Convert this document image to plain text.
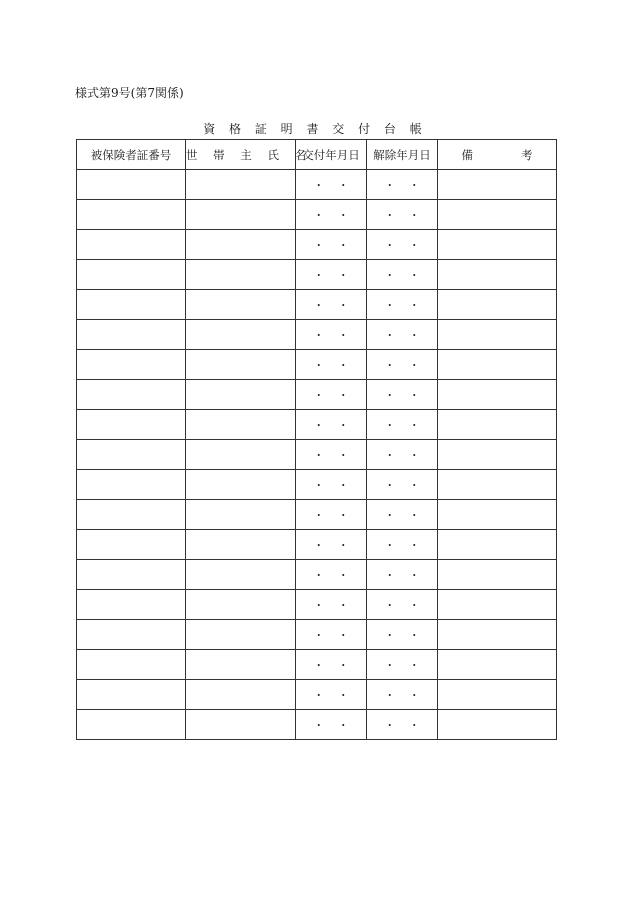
様式第9号(第7関係)
資 格 証 明 書 交 付 台 帳
被保険者証番号	世 帯 主 氏 名	交付年月日	解除年月日	備 考
		・ ・	・ ・	
		・ ・	・ ・	
		・ ・	・ ・	
		・ ・	・ ・	
		・ ・	・ ・	
		・ ・	・ ・	
		・ ・	・ ・	
		・ ・	・ ・	
		・ ・	・ ・	
		・ ・	・ ・	
		・ ・	・ ・	
		・ ・	・ ・	
		・ ・	・ ・	
		・ ・	・ ・	
		・ ・	・ ・	
		・ ・	・ ・	
		・ ・	・ ・	
		・ ・	・ ・	
		・ ・	・ ・	
